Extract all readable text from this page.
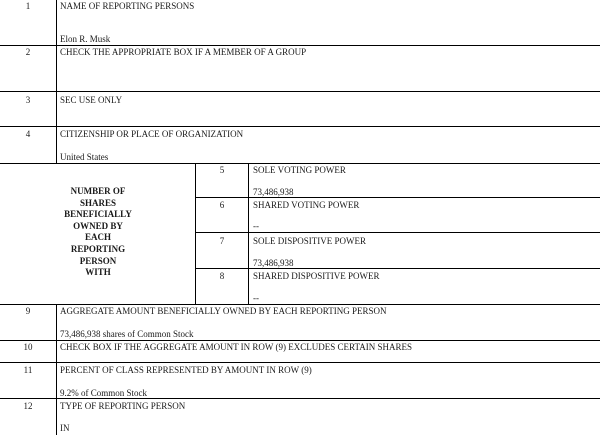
1	NAME OF REPORTING PERSONS
Elon R. Musk
2	CHECK THE APPROPRIATE BOX IF A MEMBER OF A GROUP
3	SEC USE ONLY
4	CITIZENSHIP OR PLACE OF ORGANIZATION
United States
NUMBER OF
SHARES
BENEFICIALLY
OWNED BY
EACH
REPORTING
PERSON
WITH
5	SOLE VOTING POWER
73,486,938
6	SHARED VOTING POWER
--
7	SOLE DISPOSITIVE POWER
73,486,938
8	SHARED DISPOSITIVE POWER
--
9	AGGREGATE AMOUNT BENEFICIALLY OWNED BY EACH REPORTING PERSON
73,486,938 shares of Common Stock
10	CHECK BOX IF THE AGGREGATE AMOUNT IN ROW (9) EXCLUDES CERTAIN SHARES
11	PERCENT OF CLASS REPRESENTED BY AMOUNT IN ROW (9)
9.2% of Common Stock
12	TYPE OF REPORTING PERSON
IN
